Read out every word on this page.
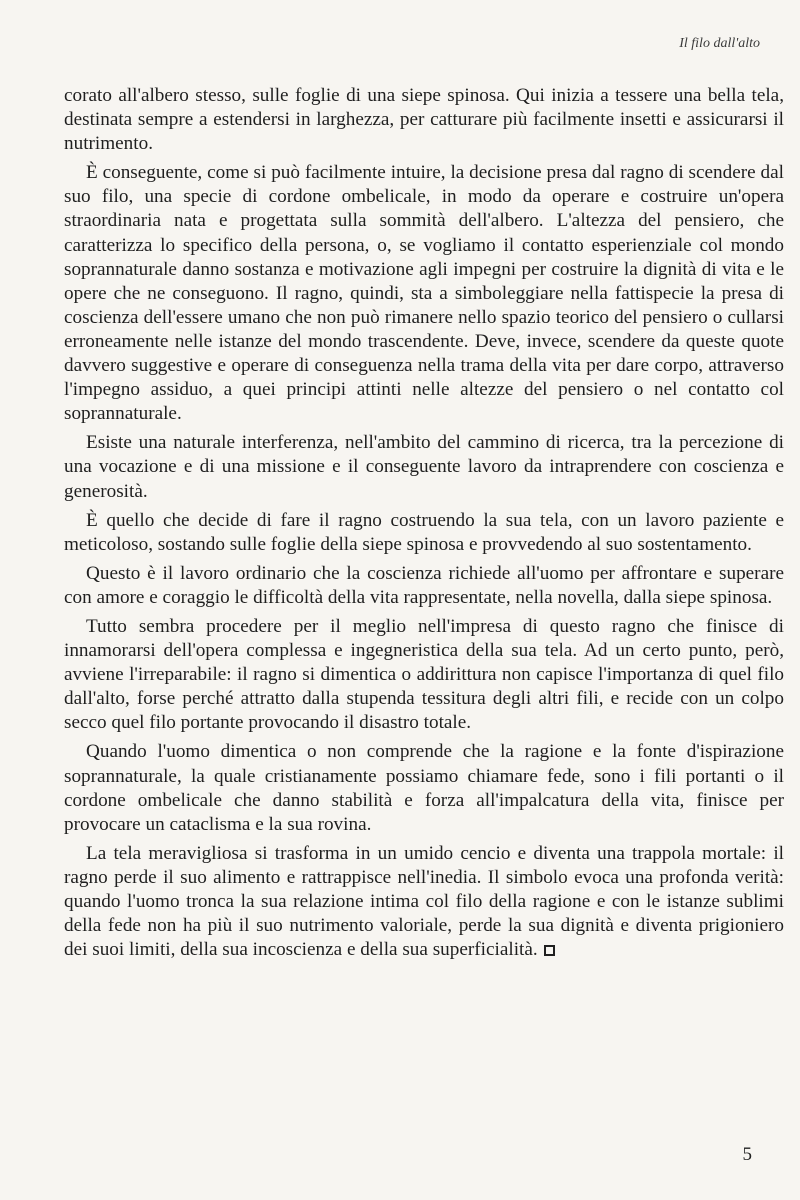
Il filo dall'alto

corato all'albero stesso, sulle foglie di una siepe spinosa. Qui inizia a tessere una bella tela, destinata sempre a estendersi in larghezza, per catturare più facilmente insetti e assicurarsi il nutrimento.

È conseguente, come si può facilmente intuire, la decisione presa dal ragno di scendere dal suo filo, una specie di cordone ombelicale, in modo da operare e costruire un'opera straordinaria nata e progettata sulla sommità dell'albero. L'altezza del pensiero, che caratterizza lo specifico della persona, o, se vogliamo il contatto esperienziale col mondo soprannaturale danno sostanza e motivazione agli impegni per costruire la dignità di vita e le opere che ne conseguono. Il ragno, quindi, sta a simboleggiare nella fattispecie la presa di coscienza dell'essere umano che non può rimanere nello spazio teorico del pensiero o cullarsi erroneamente nelle istanze del mondo trascendente. Deve, invece, scendere da queste quote davvero suggestive e operare di conseguenza nella trama della vita per dare corpo, attraverso l'impegno assiduo, a quei principi attinti nelle altezze del pensiero o nel contatto col soprannaturale.

Esiste una naturale interferenza, nell'ambito del cammino di ricerca, tra la percezione di una vocazione e di una missione e il conseguente lavoro da intraprendere con coscienza e generosità.

È quello che decide di fare il ragno costruendo la sua tela, con un lavoro paziente e meticoloso, sostando sulle foglie della siepe spinosa e provvedendo al suo sostentamento.

Questo è il lavoro ordinario che la coscienza richiede all'uomo per affrontare e superare con amore e coraggio le difficoltà della vita rappresentate, nella novella, dalla siepe spinosa.

Tutto sembra procedere per il meglio nell'impresa di questo ragno che finisce di innamorarsi dell'opera complessa e ingegneristica della sua tela. Ad un certo punto, però, avviene l'irreparabile: il ragno si dimentica o addirittura non capisce l'importanza di quel filo dall'alto, forse perché attratto dalla stupenda tessitura degli altri fili, e recide con un colpo secco quel filo portante provocando il disastro totale.

Quando l'uomo dimentica o non comprende che la ragione e la fonte d'ispirazione soprannaturale, la quale cristianamente possiamo chiamare fede, sono i fili portanti o il cordone ombelicale che danno stabilità e forza all'impalcatura della vita, finisce per provocare un cataclisma e la sua rovina.

La tela meravigliosa si trasforma in un umido cencio e diventa una trappola mortale: il ragno perde il suo alimento e rattrappisce nell'inedia. Il simbolo evoca una profonda verità: quando l'uomo tronca la sua relazione intima col filo della ragione e con le istanze sublimi della fede non ha più il suo nutrimento valoriale, perde la sua dignità e diventa prigioniero dei suoi limiti, della sua incoscienza e della sua superficialità.

5
